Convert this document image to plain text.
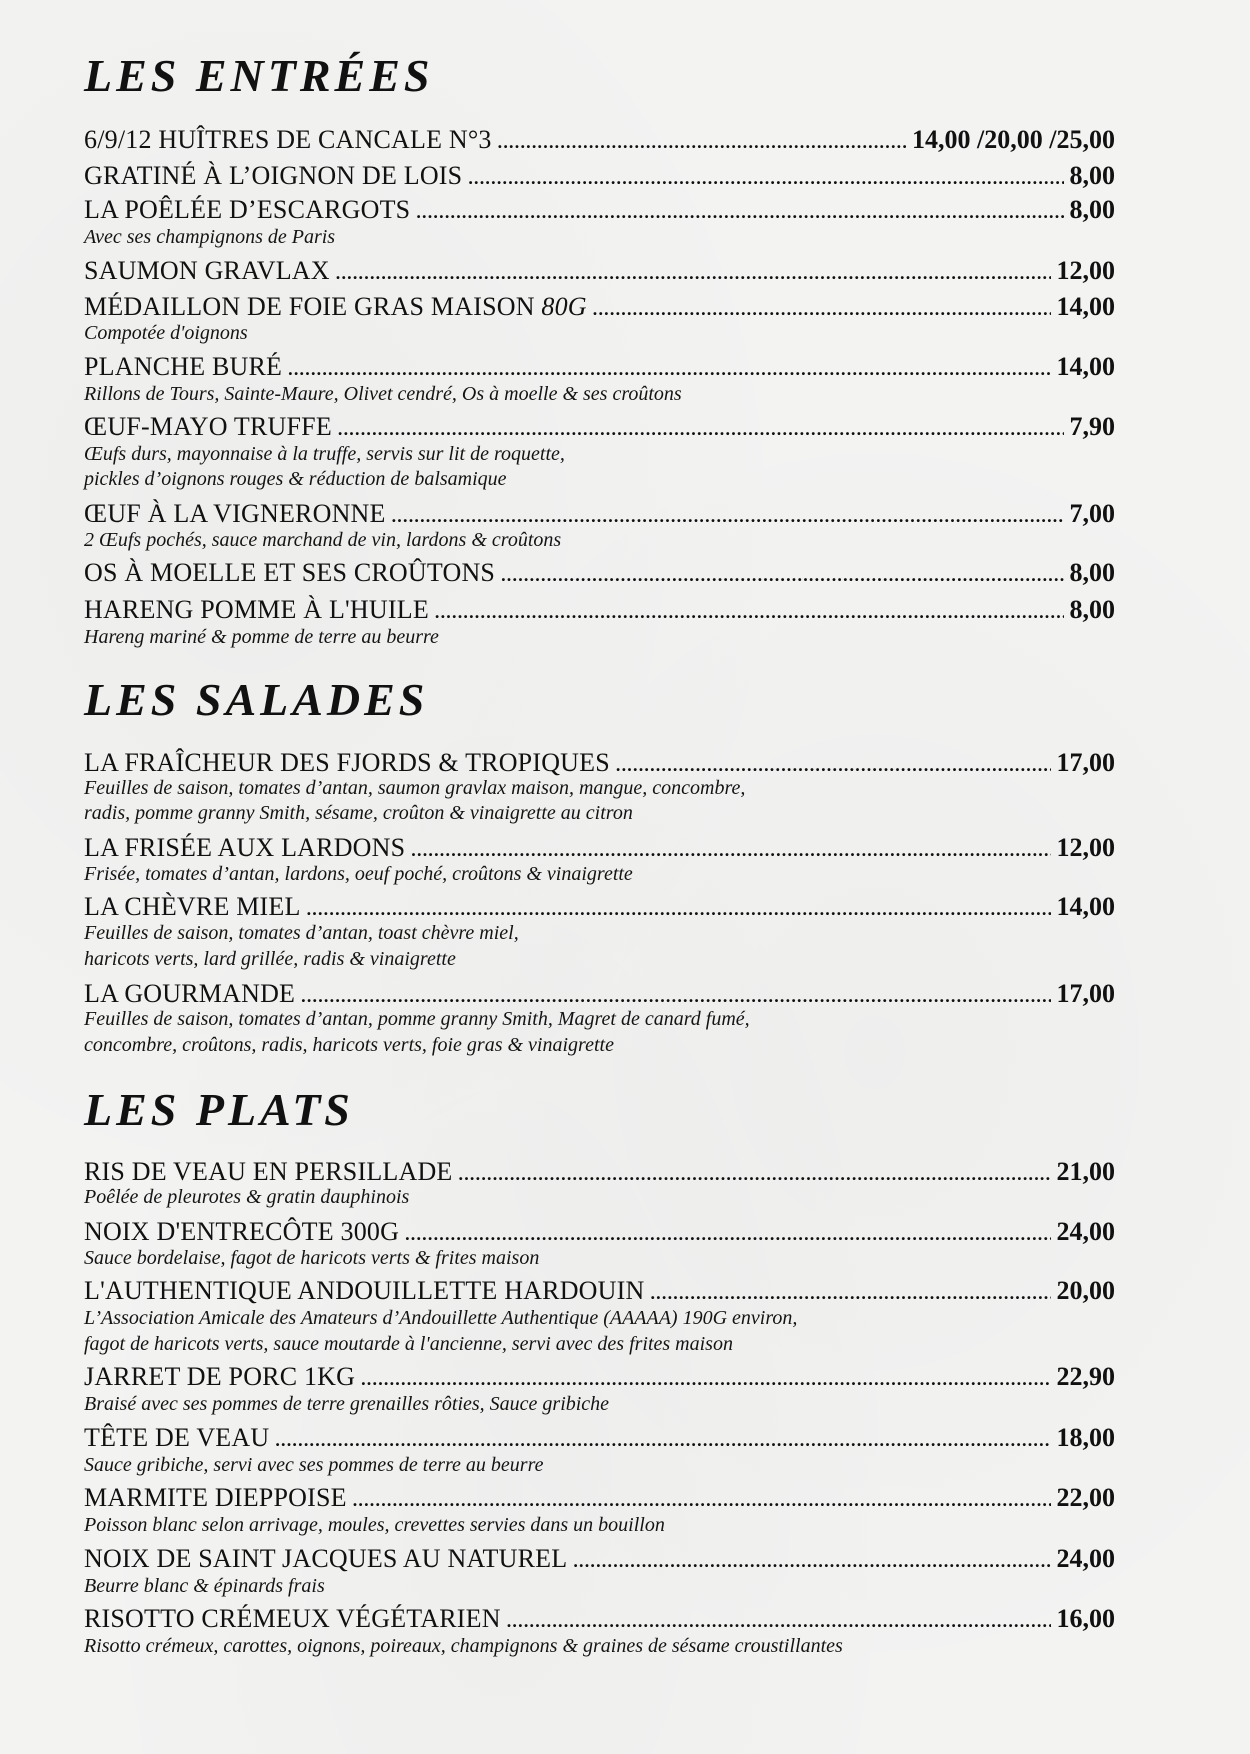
LES ENTRÉES
6/9/12 HUÎTRES DE CANCALE N°3 .....	14,00 /20,00 /25,00
GRATINÉ À L’OIGNON DE LOIS .....	8,00
LA POÊLÉE D’ESCARGOTS .....	8,00
Avec ses champignons de Paris
SAUMON GRAVLAX .....	12,00
MÉDAILLON DE FOIE GRAS MAISON 80G .....	14,00
Compotée d'oignons
PLANCHE BURÉ .....	14,00
Rillons de Tours, Sainte-Maure, Olivet cendré, Os à moelle & ses croûtons
ŒUF-MAYO TRUFFE .....	7,90
Œufs durs, mayonnaise à la truffe, servis sur lit de roquette,
pickles d’oignons rouges & réduction de balsamique
ŒUF À LA VIGNERONNE .....	7,00
2 Œufs pochés, sauce marchand de vin, lardons & croûtons
OS À MOELLE ET SES CROÛTONS .....	8,00
HARENG POMME À L'HUILE .....	8,00
Hareng mariné & pomme de terre au beurre
LES SALADES
LA FRAÎCHEUR DES FJORDS & TROPIQUES .....	17,00
Feuilles de saison, tomates d’antan, saumon gravlax maison, mangue, concombre,
radis, pomme granny Smith, sésame, croûton & vinaigrette au citron
LA FRISÉE AUX LARDONS .....	12,00
Frisée, tomates d’antan, lardons, oeuf poché, croûtons & vinaigrette
LA CHÈVRE MIEL .....	14,00
Feuilles de saison, tomates d’antan, toast chèvre miel,
haricots verts, lard grillée, radis & vinaigrette
LA GOURMANDE .....	17,00
Feuilles de saison, tomates d’antan, pomme granny Smith, Magret de canard fumé,
concombre, croûtons, radis, haricots verts, foie gras & vinaigrette
LES PLATS
RIS DE VEAU EN PERSILLADE .....	21,00
Poêlée de pleurotes & gratin dauphinois
NOIX D'ENTRECÔTE 300G .....	24,00
Sauce bordelaise, fagot de haricots verts & frites maison
L'AUTHENTIQUE ANDOUILLETTE HARDOUIN .....	20,00
L’Association Amicale des Amateurs d’Andouillette Authentique (AAAAA) 190G environ,
fagot de haricots verts, sauce moutarde à l'ancienne, servi avec des frites maison
JARRET DE PORC 1KG .....	22,90
Braisé avec ses pommes de terre grenailles rôties, Sauce gribiche
TÊTE DE VEAU .....	18,00
Sauce gribiche, servi avec ses pommes de terre au beurre
MARMITE DIEPPOISE .....	22,00
Poisson blanc selon arrivage, moules, crevettes servies dans un bouillon
NOIX DE SAINT JACQUES AU NATUREL .....	24,00
Beurre blanc & épinards frais
RISOTTO CRÉMEUX VÉGÉTARIEN .....	16,00
Risotto crémeux, carottes, oignons, poireaux, champignons & graines de sésame croustillantes
